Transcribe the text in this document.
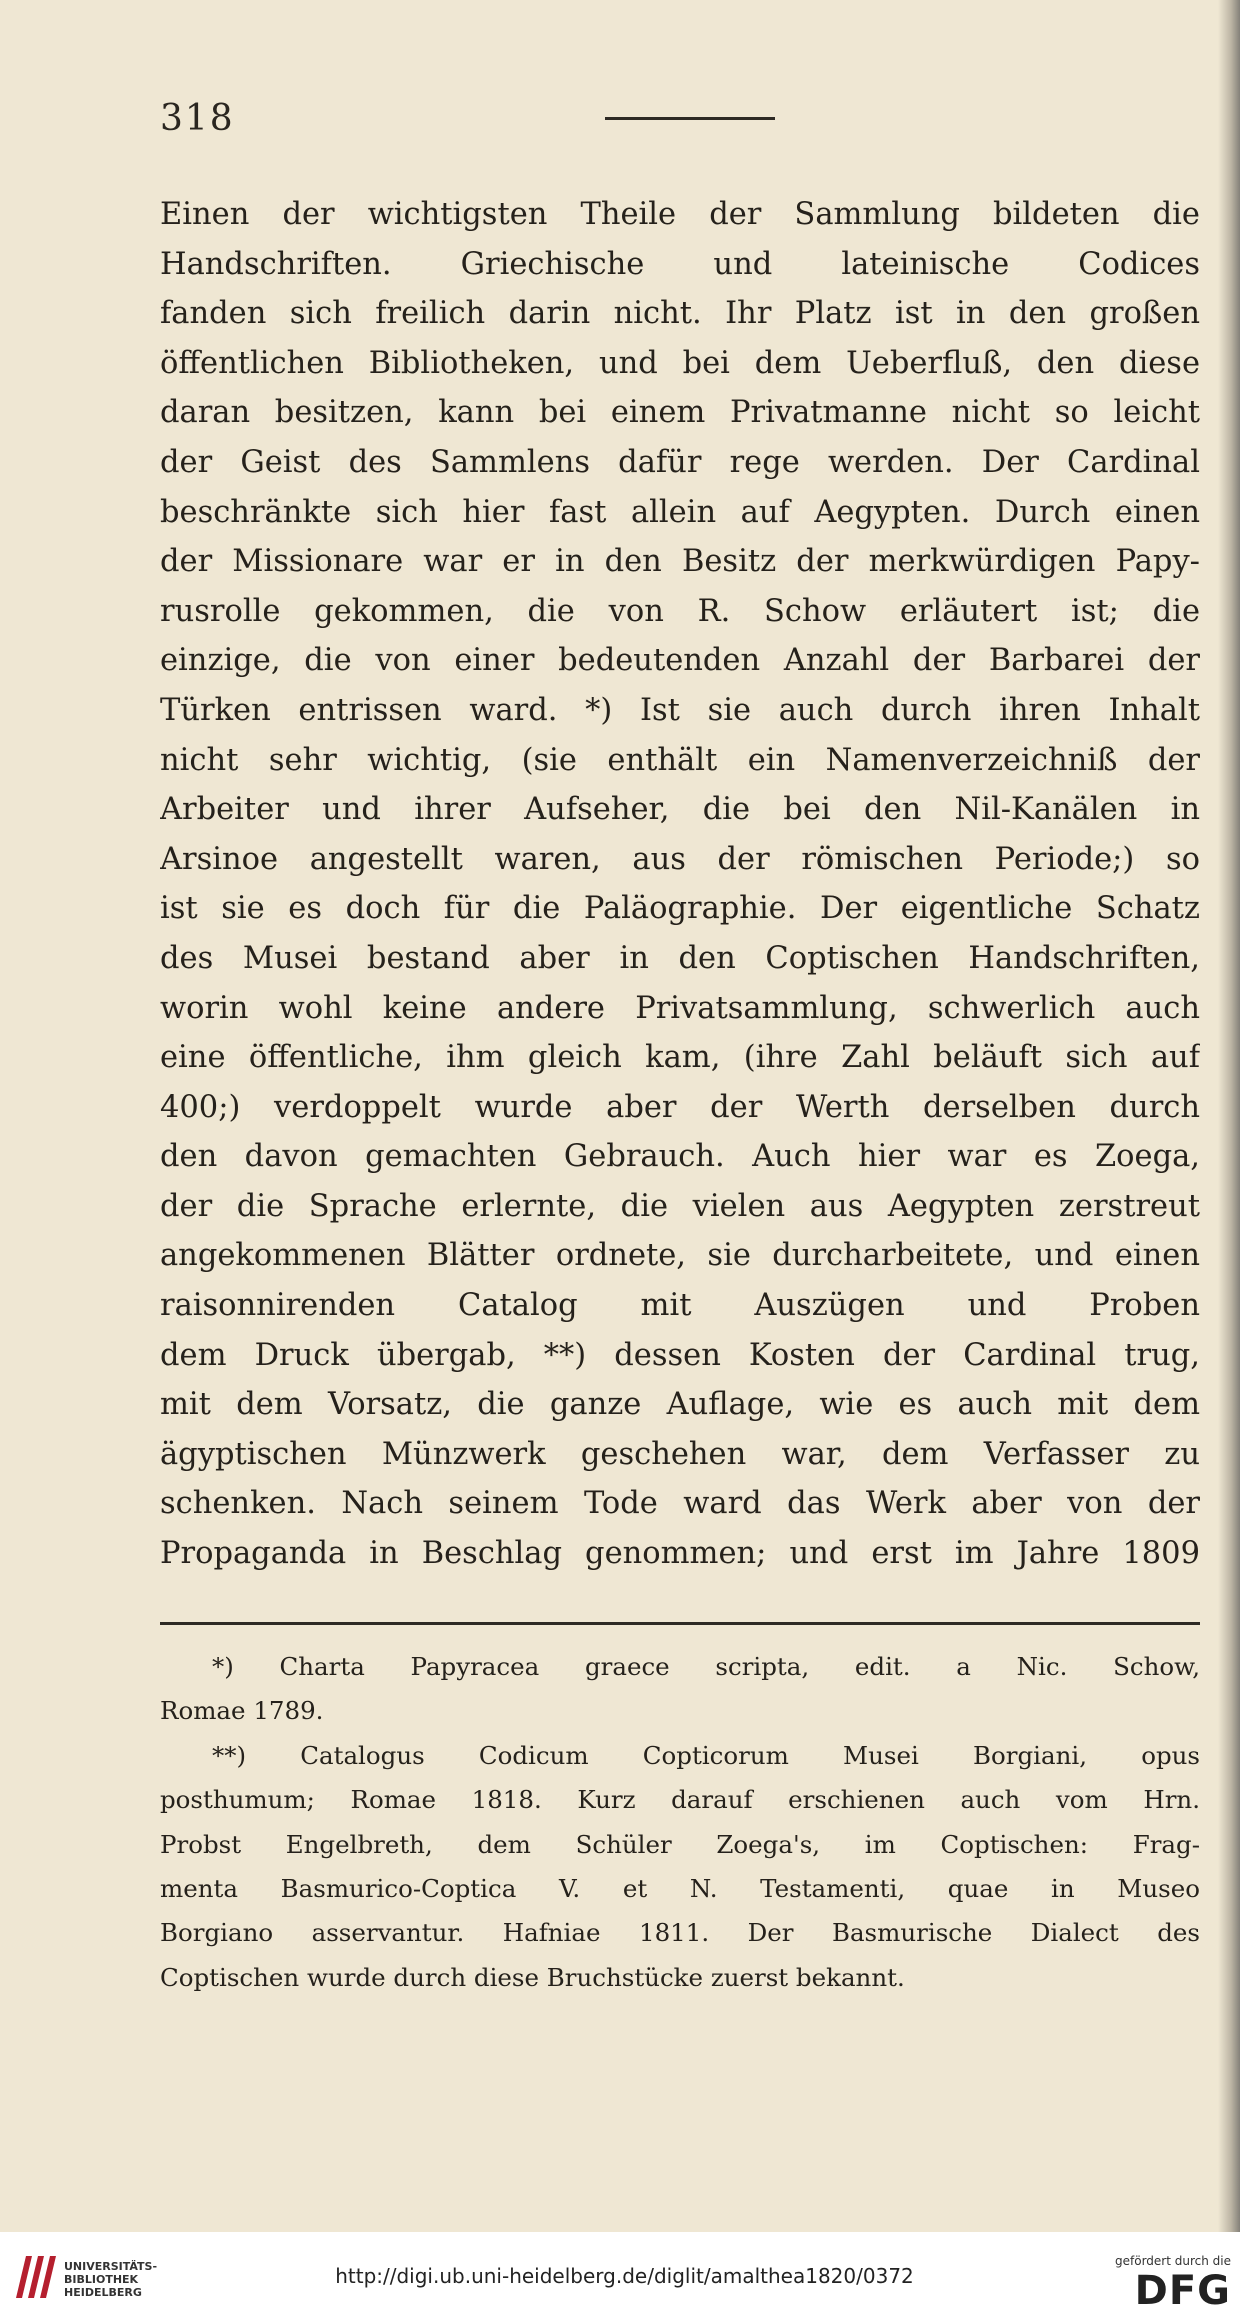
318
Einen der wichtigsten Theile der Sammlung bildeten die
Handschriften. Griechische und lateinische Codices
fanden sich freilich darin nicht. Ihr Platz ist in den großen
öffentlichen Bibliotheken, und bei dem Ueberfluß, den diese
daran besitzen, kann bei einem Privatmanne nicht so leicht
der Geist des Sammlens dafür rege werden. Der Cardinal
beschränkte sich hier fast allein auf Aegypten. Durch einen
der Missionare war er in den Besitz der merkwürdigen Papy-
rusrolle gekommen, die von R. Schow erläutert ist; die
einzige, die von einer bedeutenden Anzahl der Barbarei der
Türken entrissen ward. *) Ist sie auch durch ihren Inhalt
nicht sehr wichtig, (sie enthält ein Namenverzeichniß der
Arbeiter und ihrer Aufseher, die bei den Nil-Kanälen in
Arsinoe angestellt waren, aus der römischen Periode;) so
ist sie es doch für die Paläographie. Der eigentliche Schatz
des Musei bestand aber in den Coptischen Handschriften,
worin wohl keine andere Privatsammlung, schwerlich auch
eine öffentliche, ihm gleich kam, (ihre Zahl beläuft sich auf
400;) verdoppelt wurde aber der Werth derselben durch
den davon gemachten Gebrauch. Auch hier war es Zoega,
der die Sprache erlernte, die vielen aus Aegypten zerstreut
angekommenen Blätter ordnete, sie durcharbeitete, und einen
raisonnirenden Catalog mit Auszügen und Proben
dem Druck übergab, **) dessen Kosten der Cardinal trug,
mit dem Vorsatz, die ganze Auflage, wie es auch mit dem
ägyptischen Münzwerk geschehen war, dem Verfasser zu
schenken. Nach seinem Tode ward das Werk aber von der
Propaganda in Beschlag genommen; und erst im Jahre 1809
*) Charta Papyracea graece scripta, edit. a Nic. Schow,
Romae 1789.
**) Catalogus Codicum Copticorum Musei Borgiani, opus
posthumum; Romae 1818. Kurz darauf erschienen auch vom Hrn.
Probst Engelbreth, dem Schüler Zoega's, im Coptischen: Frag-
menta Basmurico-Coptica V. et N. Testamenti, quae in Museo
Borgiano asservantur. Hafniae 1811. Der Basmurische Dialect des
Coptischen wurde durch diese Bruchstücke zuerst bekannt.
UNIVERSITÄTS-
BIBLIOTHEK
HEIDELBERG
http://digi.ub.uni-heidelberg.de/diglit/amalthea1820/0372
gefördert durch die
DFG
